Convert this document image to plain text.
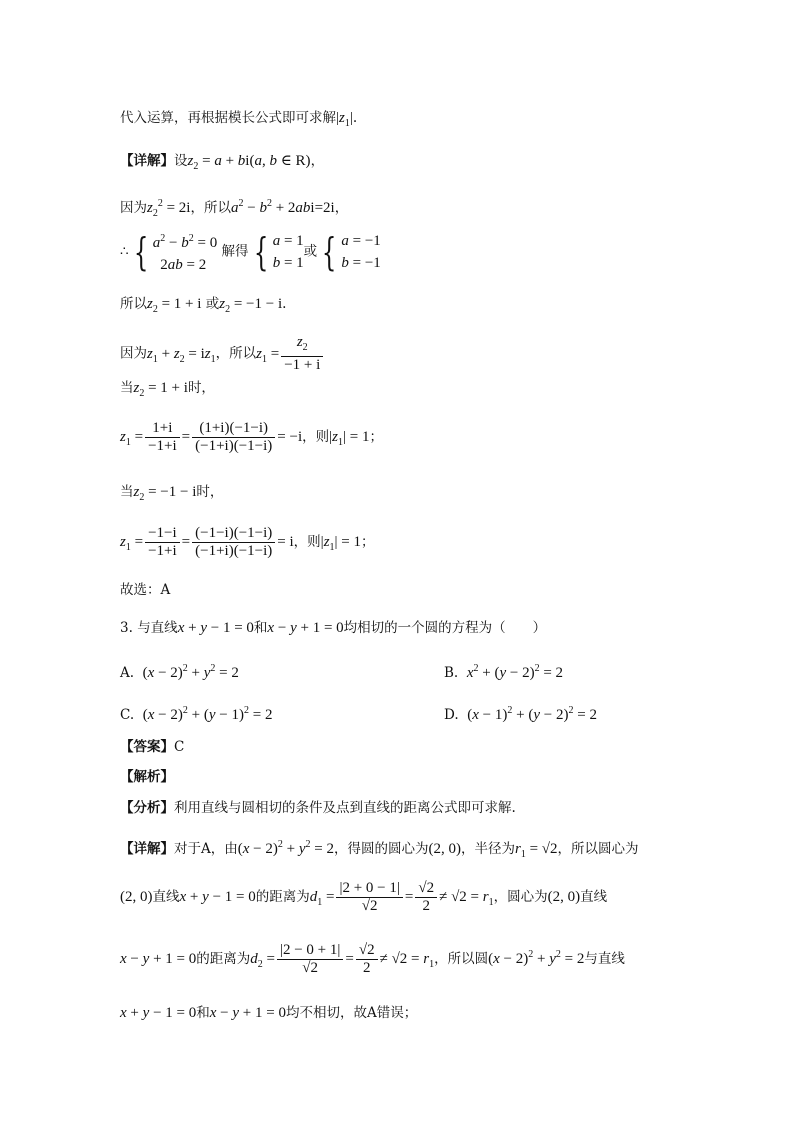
代入运算，再根据模长公式即可求解$|z_1|$.
【详解】设$z_2 = a + bi(a$, b ∈ R)，
因为$z_2^2 = 2i$，所以$a^2 - b^2 + 2abi=2i$，
∴ { $a^2 - b^2 = 0$
2ab = 2
解得 { a = 1
b = 1
或 { a = −1
b = −1
所以$z_2 = 1 + i$ 或$z_2 = -1 - i$.
因为$z_1 + z_2 = iz_1$，所以$z_1 = \frac{z_2}{-1 + i}$
当$z_2 = 1 + i$时，
$z_1 = \frac{1+i}{-1+i} = \frac{(1+i)(-1-i)}{(-1+i)(-1-i)} = -i$，则$|z_1| = 1$；
当$z_2 = -1 - i$时，
$z_1 = \frac{-1-i}{-1+i} = \frac{(-1-i)(-1-i)}{(-1+i)(-1-i)} = i$，则$|z_1| = 1$；
故选：A
3. 与直线x + y − 1 = 0和x − y + 1 = 0均相切的一个圆的方程为（　　）
A. $(x - 2)^2 + y^2 = 2$	B. $x^2 + (y - 2)^2 = 2$
C. $(x - 2)^2 + (y - 1)^2 = 2$	D. $(x - 1)^2 + (y - 2)^2 = 2$
【答案】C
【解析】
【分析】利用直线与圆相切的条件及点到直线的距离公式即可求解.
【详解】对于A，由$(x - 2)^2 + y^2 = 2$，得圆的圆心为(2, 0)，半径为$r_1 = √2$，所以圆心为
(2, 0)直线x + y − 1 = 0的距离为$d_1 = \frac{|2 + 0 - 1|}{√2} = \frac{√2}{2} \ne √2 = r_1$，圆心为(2, 0)直线
x − y + 1 = 0的距离为$d_2 = \frac{|2 - 0 + 1|}{√2} = \frac{√2}{2} \ne √2 = r_1$，所以圆$(x - 2)^2 + y^2 = 2$与直线
x + y − 1 = 0和x − y + 1 = 0均不相切，故A错误；
